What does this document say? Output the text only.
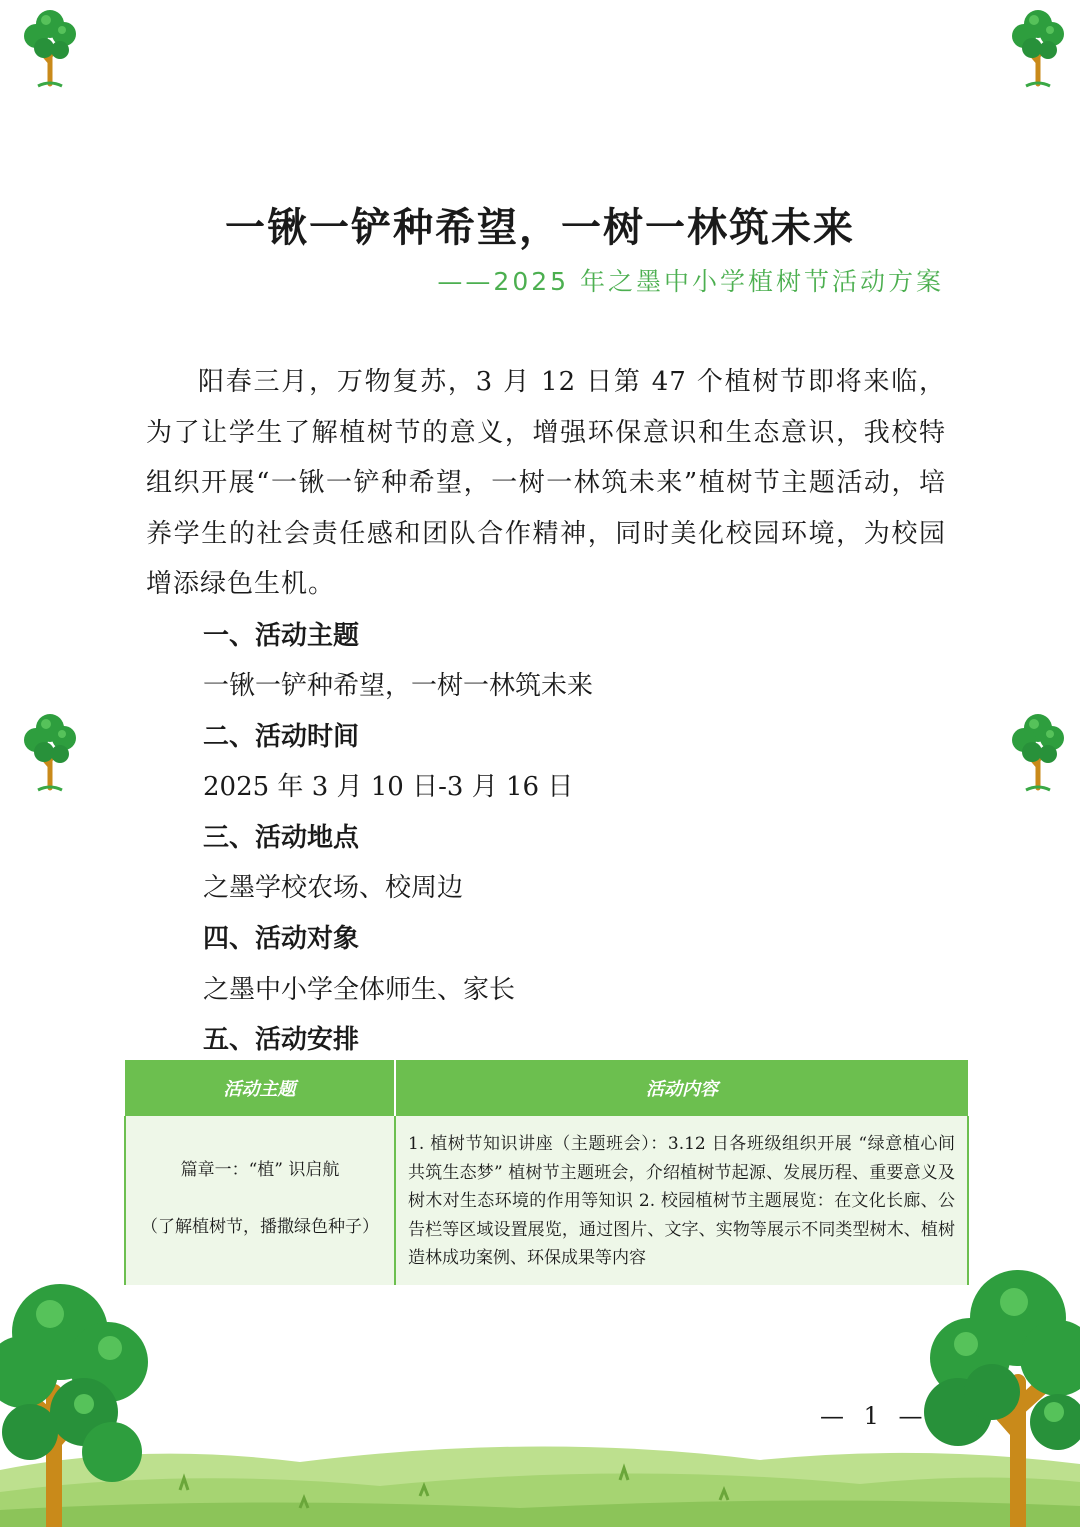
一锹一铲种希望，一树一林筑未来
——2025 年之墨中小学植树节活动方案

阳春三月，万物复苏，3 月 12 日第 47 个植树节即将来临，为了让学生了解植树节的意义，增强环保意识和生态意识，我校特组织开展“一锹一铲种希望，一树一林筑未来”植树节主题活动，培养学生的社会责任感和团队合作精神，同时美化校园环境，为校园增添绿色生机。

一、活动主题
一锹一铲种希望，一树一林筑未来
二、活动时间
2025 年 3 月 10 日-3 月 16 日
三、活动地点
之墨学校农场、校周边
四、活动对象
之墨中小学全体师生、家长
五、活动安排
活动主题	活动内容

篇章一：“植” 识启航
（了解植树节，播撒绿色种子）	1. 植树节知识讲座（主题班会）：3.12 日各班级组织开展 “绿意植心间 共筑生态梦” 植树节主题班会，介绍植树节起源、发展历程、重要意义及树木对生态环境的作用等知识 2. 校园植树节主题展览：在文化长廊、公告栏等区域设置展览，通过图片、文字、实物等展示不同类型树木、植树造林成功案例、环保成果等内容
— 1 —
